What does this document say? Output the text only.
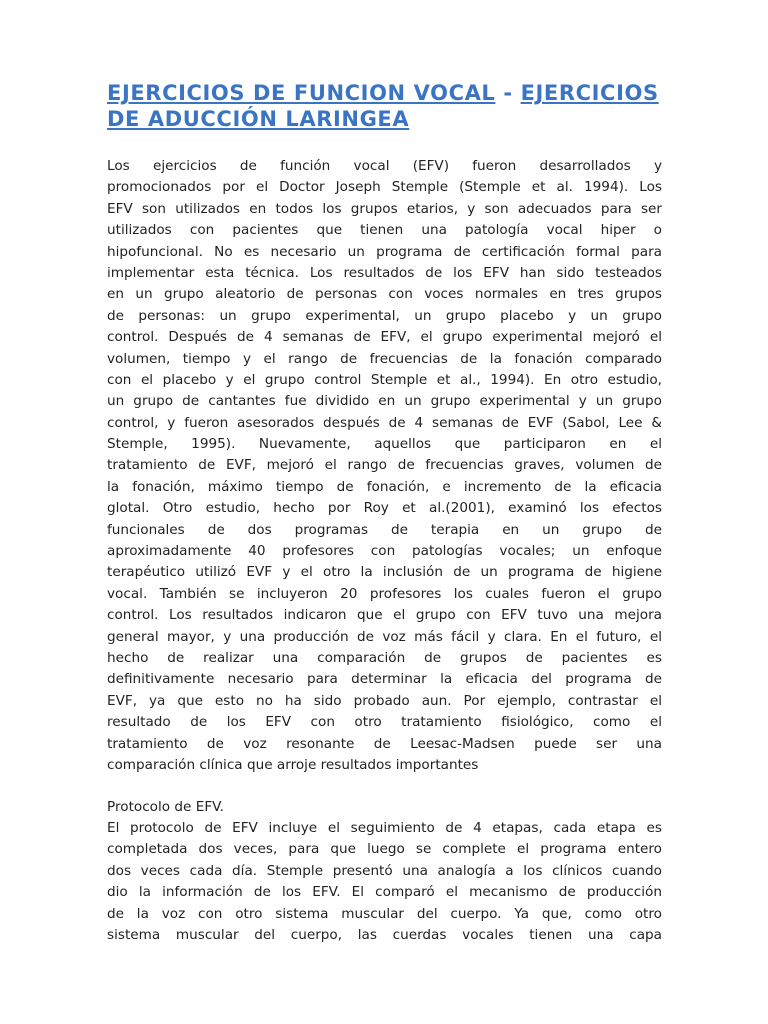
EJERCICIOS DE FUNCION VOCAL - EJERCICIOS DE ADUCCIÓN LARINGEA
Los ejercicios de función vocal (EFV) fueron desarrollados y
promocionados por el Doctor Joseph Stemple (Stemple et al. 1994). Los
EFV son utilizados en todos los grupos etarios, y son adecuados para ser
utilizados con pacientes que tienen una patología vocal hiper o
hipofuncional. No es necesario un programa de certificación formal para
implementar esta técnica. Los resultados de los EFV han sido testeados
en un grupo aleatorio de personas con voces normales en tres grupos
de personas: un grupo experimental, un grupo placebo y un grupo
control. Después de 4 semanas de EFV, el grupo experimental mejoró el
volumen, tiempo y el rango de frecuencias de la fonación comparado
con el placebo y el grupo control Stemple et al., 1994). En otro estudio,
un grupo de cantantes fue dividido en un grupo experimental y un grupo
control, y fueron asesorados después de 4 semanas de EVF (Sabol, Lee &
Stemple, 1995). Nuevamente, aquellos que participaron en el
tratamiento de EVF, mejoró el rango de frecuencias graves, volumen de
la fonación, máximo tiempo de fonación, e incremento de la eficacia
glotal. Otro estudio, hecho por Roy et al.(2001), examinó los efectos
funcionales de dos programas de terapia en un grupo de
aproximadamente 40 profesores con patologías vocales; un enfoque
terapéutico utilizó EVF y el otro la inclusión de un programa de higiene
vocal. También se incluyeron 20 profesores los cuales fueron el grupo
control. Los resultados indicaron que el grupo con EFV tuvo una mejora
general mayor, y una producción de voz más fácil y clara. En el futuro, el
hecho de realizar una comparación de grupos de pacientes es
definitivamente necesario para determinar la eficacia del programa de
EVF, ya que esto no ha sido probado aun. Por ejemplo, contrastar el
resultado de los EFV con otro tratamiento fisiológico, como el
tratamiento de voz resonante de Leesac-Madsen puede ser una
comparación clínica que arroje resultados importantes
Protocolo de EFV.
El protocolo de EFV incluye el seguimiento de 4 etapas, cada etapa es
completada dos veces, para que luego se complete el programa entero
dos veces cada día. Stemple presentó una analogía a los clínicos cuando
dio la información de los EFV. El comparó el mecanismo de producción
de la voz con otro sistema muscular del cuerpo. Ya que, como otro
sistema muscular del cuerpo, las cuerdas vocales tienen una capa
